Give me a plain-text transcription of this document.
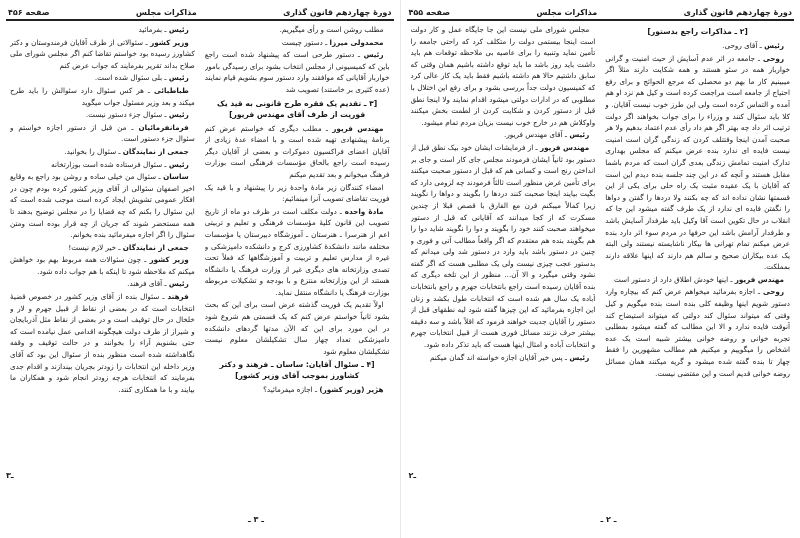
دورهٔ چهاردهم قانون گذاری
مذاکرات مجلس
صفحه ۴۵۶

مطلب روشن است و رأی میگیریم.

محمدولی میرزا ـ دستور چیست

رئیس ـ دستور طرحی است که پیشنهاد شده است راجع باین که کمیسیونی از مجلس انتخاب بشود برای رسیدگی بامور خواربار آقایانی که موافقند وارد دستور سوم بشویم قیام نمایند (عده کثیری بر خاستند) تصویب شد

[۳ ـ تقدیم یک فقره طرح قانونی به قید یک فوریت از طرف آقای مهندس فریور]

مهندس فریور ـ مطلب دیگری که خواستم عرض کنم برنامهٔ پیشنهادی تهیه شده است و با امضاء عدهٔ زیادی از آقایان اعضای فراکسیون دموکرات و بعضی از آقایان دیگر رسیده است راجع بالحاق مؤسسات فرهنگی است بوزارت فرهنگ میخوانم و بعد تقدیم میکنم

امضاء کنندگان زیر مادهٔ واحدهٔ زیر را پیشنهاد و با قید یک فوریت تقاضای تصویب آنرا مینمائیم:

مادهٔ واحده ـ دولت مکلف است در ظرف دو ماه از تاریخ تصویب این قانون کلیهٔ مؤسسات فرهنگی و تعلیم و تربیتی اعم از هنرسرا ـ هنرستان ـ آموزشگاه دبیرستان یا مؤسسات مختلفه مانند دانشکدهٔ کشاورزی کرج و دانشکده دامپزشکی و غیره از مدارس تعلیم و تربیت و آموزشگاهها که فعلاً تحت تصدی وزارتخانه های دیگری غیر از وزارت فرهنگ یا دانشگاه هستند از این وزارتخانه منتزع و با بودجه و تشکیلات مربوطه بوزارت فرهنگ یا دانشگاه منتقل نماید.

اولاً تقدیم یک فوریت گذشته عرض است برای این که بحث بشود ثانیاً خواستم عرض کنم که یک قسمتی هم شروع شود در این مورد برای این که الآن مدتها گردهای دانشکده دامپزشکی تعداد چهار سال تشکیلشان معلوم نیست تشکیلشان معلوم شود

[۴ ـ سئوال آقایان: ساسان ـ فرهند و دکتر کشاورز بموجب آقای وزیر کشور]

هژیر (وزیر کشور) ـ اجازه میفرمائید؟

رئیس ـ بفرمائید

وزیر کشور ـ سئوالاتی از طرف آقایان فرمندوستان و دکتر کشاورز رسیده بود خواستم تقاضا کنم اگر مجلس شورای ملی صلاح بداند تقریر بفرمایند که جواب عرض کنم

رئیس ـ بلی سئوال شده است.

طباطبائی ـ هر کس سئوال دارد سئوالش را باید طرح میکند و بعد وزیر مسئول جواب میگوید

رئیس ـ سئوال جزء دستور نیست.

فرمانفرمائیان ـ من قبل از دستور اجازه خواستم و سئوال جزء دستور است.

جمعی از نمایندگان ـ سئوال را بخوانید.

رئیس ـ سئوال فرستاده شده است بوزارتخانه

ساسان ـ سئوال من خیلی ساده و روشن بود راجع به وقایع اخیر اصفهان سئوالی از آقای وزیر کشور کرده بودم چون در افکار عمومی تشویش ایجاد کرده است موجب شده است که این سئوال را بکنم که چه قضایا را در مجلس توضیح بدهند تا همه مستحضر شوند که جریان از چه قرار بوده است ومتن سئوال را اگر اجازه میفرمائید بنده بخوانم.

جمعی از نمایندگان ـ خیر لازم نیست!

وزیر کشور ـ چون سئوالات همه مربوط بهم بود خواهش میکنم که ملاحظه شود تا اینکه با هم جواب داده شود.

رئیس ـ آقای فرهند.

فرهند ـ سئوال بنده از آقای وزیر کشور در خصوص قضیهٔ انتخابات است که در بعضی از نقاط از قبیل جهرم و لار و خلخال در حال توقیف است و در بعضی از نقاط مثل آذربایجان و شیراز از طرف دولت هیچگونه اقدامی عمل نیامده است که حتی بشنویم آراء را بخوانند و در حالت توقیف و وقفه نگاهداشته شده است منظور بنده از سئوال این بود که آقای وزیر داخله این انتخابات را زودتر بجریان بیندازند و اقدام جدی بفرمایند که انتخابات هرچه زودتر انجام شود و همکاران ما بیایند و با ما همکاری کنند.

ـ۳
ـ ۳ ـ
دورهٔ چهاردهم قانون گذاری
مذاکرات مجلس
صفحه ۴۵۵
[۲ ـ مذاکرات راجع بدستور]

رئیس ـ آقای روحی.

روحی ـ جامعه در اثر عدم آسایش از حیث امنیت و گرانی خواربار همه در سئو هستند و همه شکایت دارند مثلاً اگر میبینیم کار ما بهم دو محصلی که مرجع الحوائج و برای رفع احتیاج از جامعه است مراجعت کرده است و کیل هم نزد او هم آمده و التماس کرده است ولی این طرز خوب نیست آقایان. و کلا باید سئوال کنند و وزراء را برای جواب بخواهند اگر دولت ترتیب اثر داد چه بهتر اگر هم داد رأی عدم اعتماد بدهیم ولا هر صحبت آمدن اینجا وقتتلف کردن که زندگی گران است امنیت نیست فایده ای ندارد بنده عرض میکنم که مجلس بهداری تدارک امنیت تمامش زندگی بعدی گران است که مردم باشما مقابل هستند و آنچه که در این چند جلسه بنده دیدم این است که آقایان با یک عقیده مثبت یک راه حلی برای یکی از این قسمتها نشان نداده اند که چه بکنند ولا دردها را گفتن و دواها را نگفتن فایده ای ندارد از یک طرف گفته میشود این جا که انقلاب در حال تکوین است آقا وکیل باید طرفدار آسایش باشد و طرفدار آرامش باشد این حرفها در مردم سوء اثر دارد بنده عرض میکنم تمام تهرانی ها بیکار ناشایسته نیستند ولی البته یک عده بیکاران صحیح و سالم هم دارند که اینها علاقه دارند بمملکت.

مهندس فریور ـ اینها خودش اطلاق دارد از دستور است

روحی ـ اجازه بفرمائید میخواهم عرض کنم که بیچاره وارد دستور شویم اینها وظیفه کلی بنده است بنده میگویم و کیل وقتی که میتواند سئوال کند دولتی که میتواند استیضاح کند آنوقت فایده ندارد و الا این مطالب که گفته میشود بمطلبی تجربه خوانی و روضه خوانی بیشتر شبیه است یک عده اشخاص را میگوییم و میکنیم هم مطالب مشهورین را فقط چهار تا بنده گفته شده میشود و گریه میکنند همان مسائل روضه خوانی قدیم است و این مقتضی نیست.

مجلس شورای ملی نیست این جا جایگاه عمل و کار دولت است اینجا بیستمی دولت را متکلف کرد که راحتی جامعه را تأمین نماید وتنبیه را برای عاصیه بی ملاحظه توقعات هم باید داشت باید روز باشد ما باید توقع داشته باشیم همان وقتی که سابق داشتیم حالا هم داشته باشیم فقط باید یک کار عالی کرد که کمیسیون دولت جداً بررسی بشود و برای رفع این اختلال با مطلوبی که در ادارات دولتی میشود اقدام نمایند ولا اینجا نطق قبل از دستور کردن و شکایت کردن از لطمت بخش میکنند واوکلاش هم در خارج خوب نیست بزیان مردم تمام میشود.

رئیس ـ آقای مهندس فریور.

مهندس فریور ـ از فرمایشات ایشان خود بیک نطق قبل از دستور بود ثانیاً ایشان فرمودند مجلس جای کار است و جای بر انداختن رنج است و کسانی هم که قبل از دستور صحبت میکنند برای تأمین غرض منظور است ثالثاً فرمودند چه لزومی دارد که بگیت بیایند اینجا صحبت کنند دردها را بگویند و دواها را نگویند زیرا کمالاً میبکنم قرن مع الفارق با قصص قبلا از چندین مسکرت که از کجا میدانند که آقایانی که قبل از دستور میخواهند صحبت کنند خود را بگویند و دوا را نگویند شاید دوا را هم بگویند بنده هم معتقدم که اگر واقعاً مطالب آتی و فوری و چنین در دستور باشد باید وارد در دستور شد ولی میدانم که بدستور عجب چیزی نیست ولی یک مطلبی هست که اگر گفته نشود وقتی میگیرد و الا آن... منظور از این تلخه دیگری که بنده آقایان رسیده است راجع بانتخابات جهرم و راجع بانتخابات آباده یک سال هم شده است که انتخابات طول بکشد و زنان این اجازه بفرمائید که این چیزها گفته شود لیه نطقهای قبل از دستور را آقایان جدیت خواهند فرمود که اقلاً باشد و سه دقیقه بیشتر حرف نزنند مسائل فوری هست از قبیل انتخابات جهرم و انتخابات آباده و امثال اینها هست که باید تذکر داده شود.

رئیس ـ پس خیر آقایان اجازه خواسته اند گمان میکنم

ـ۲
ـ ۲ ـ
